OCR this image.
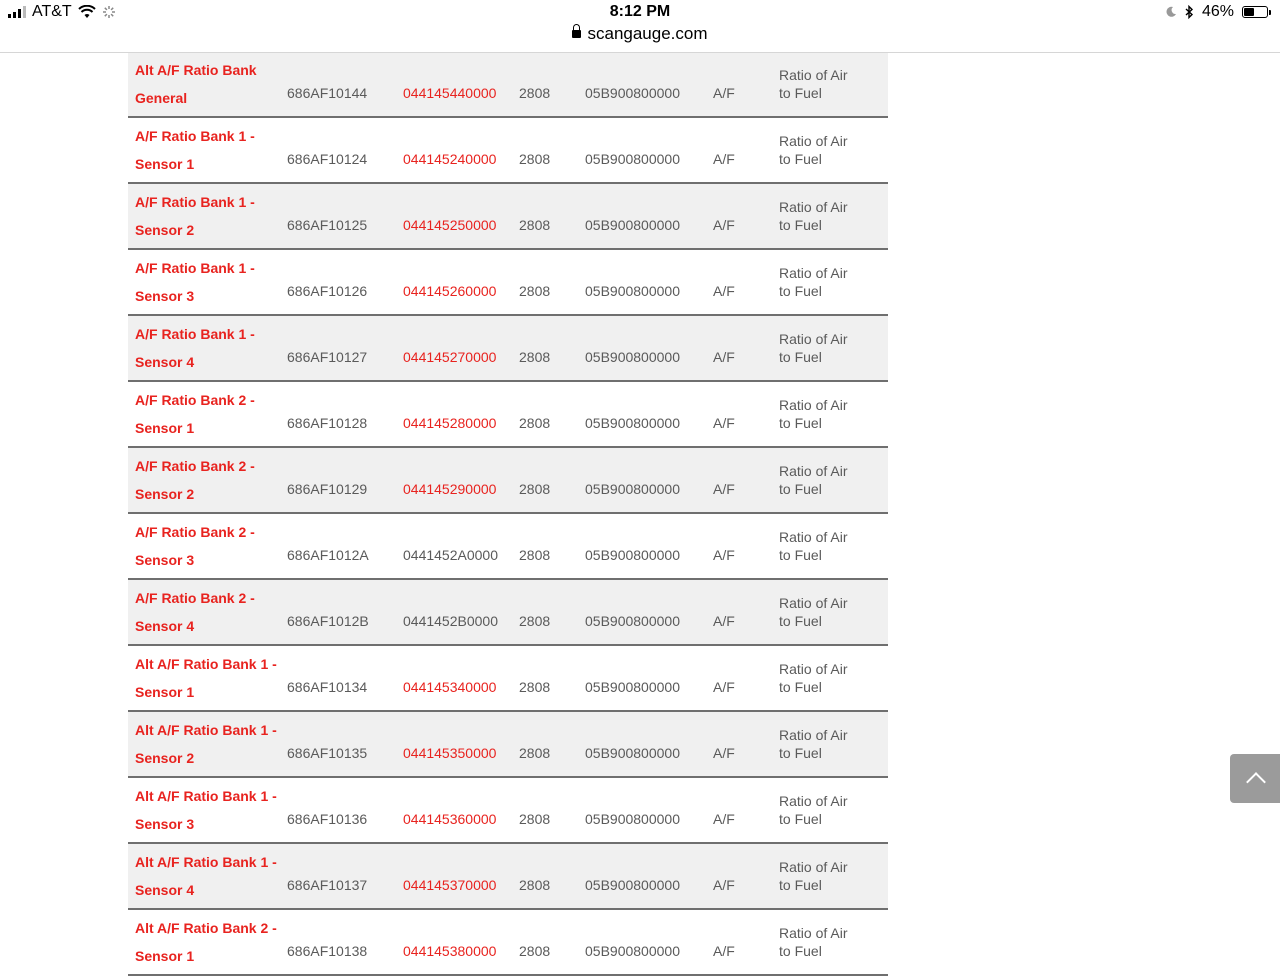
AT&T	8:12 PM
scangauge.com
46%
Alt A/F Ratio Bank
General	686AF10144	044145440000 2808 05B900800000 A/F
Ratio of Air
to Fuel
A/F Ratio Bank 1 -
Sensor 1	686AF10124	044145240000 2808 05B900800000 A/F
Ratio of Air
to Fuel
A/F Ratio Bank 1 -
Sensor 2	686AF10125	044145250000 2808 05B900800000 A/F
Ratio of Air
to Fuel
A/F Ratio Bank 1 -
Sensor 3	686AF10126	044145260000 2808 05B900800000 A/F
Ratio of Air
to Fuel
A/F Ratio Bank 1 -
Sensor 4	686AF10127	044145270000 2808 05B900800000 A/F
Ratio of Air
to Fuel
A/F Ratio Bank 2 -
Sensor 1	686AF10128	044145280000 2808 05B900800000 A/F
Ratio of Air
to Fuel
A/F Ratio Bank 2 -
Sensor 2	686AF10129	044145290000 2808 05B900800000 A/F
Ratio of Air
to Fuel
A/F Ratio Bank 2 -
Sensor 3	686AF1012A 0441452A0000 2808 05B900800000 A/F
Ratio of Air
to Fuel
A/F Ratio Bank 2 -
Sensor 4	686AF1012B 0441452B0000 2808 05B900800000 A/F
Ratio of Air
to Fuel
Alt A/F Ratio Bank 1 -
Sensor 1	686AF10134	044145340000 2808 05B900800000 A/F
Ratio of Air
to Fuel
Alt A/F Ratio Bank 1 -
Sensor 2	686AF10135	044145350000 2808 05B900800000 A/F
Ratio of Air
to Fuel
Alt A/F Ratio Bank 1 -
Sensor 3	686AF10136	044145360000 2808 05B900800000 A/F
Ratio of Air
to Fuel
Alt A/F Ratio Bank 1 -
Sensor 4	686AF10137	044145370000 2808 05B900800000 A/F
Ratio of Air
to Fuel
Alt A/F Ratio Bank 2 -
Sensor 1	686AF10138	044145380000 2808 05B900800000 A/F
Ratio of Air
to Fuel
